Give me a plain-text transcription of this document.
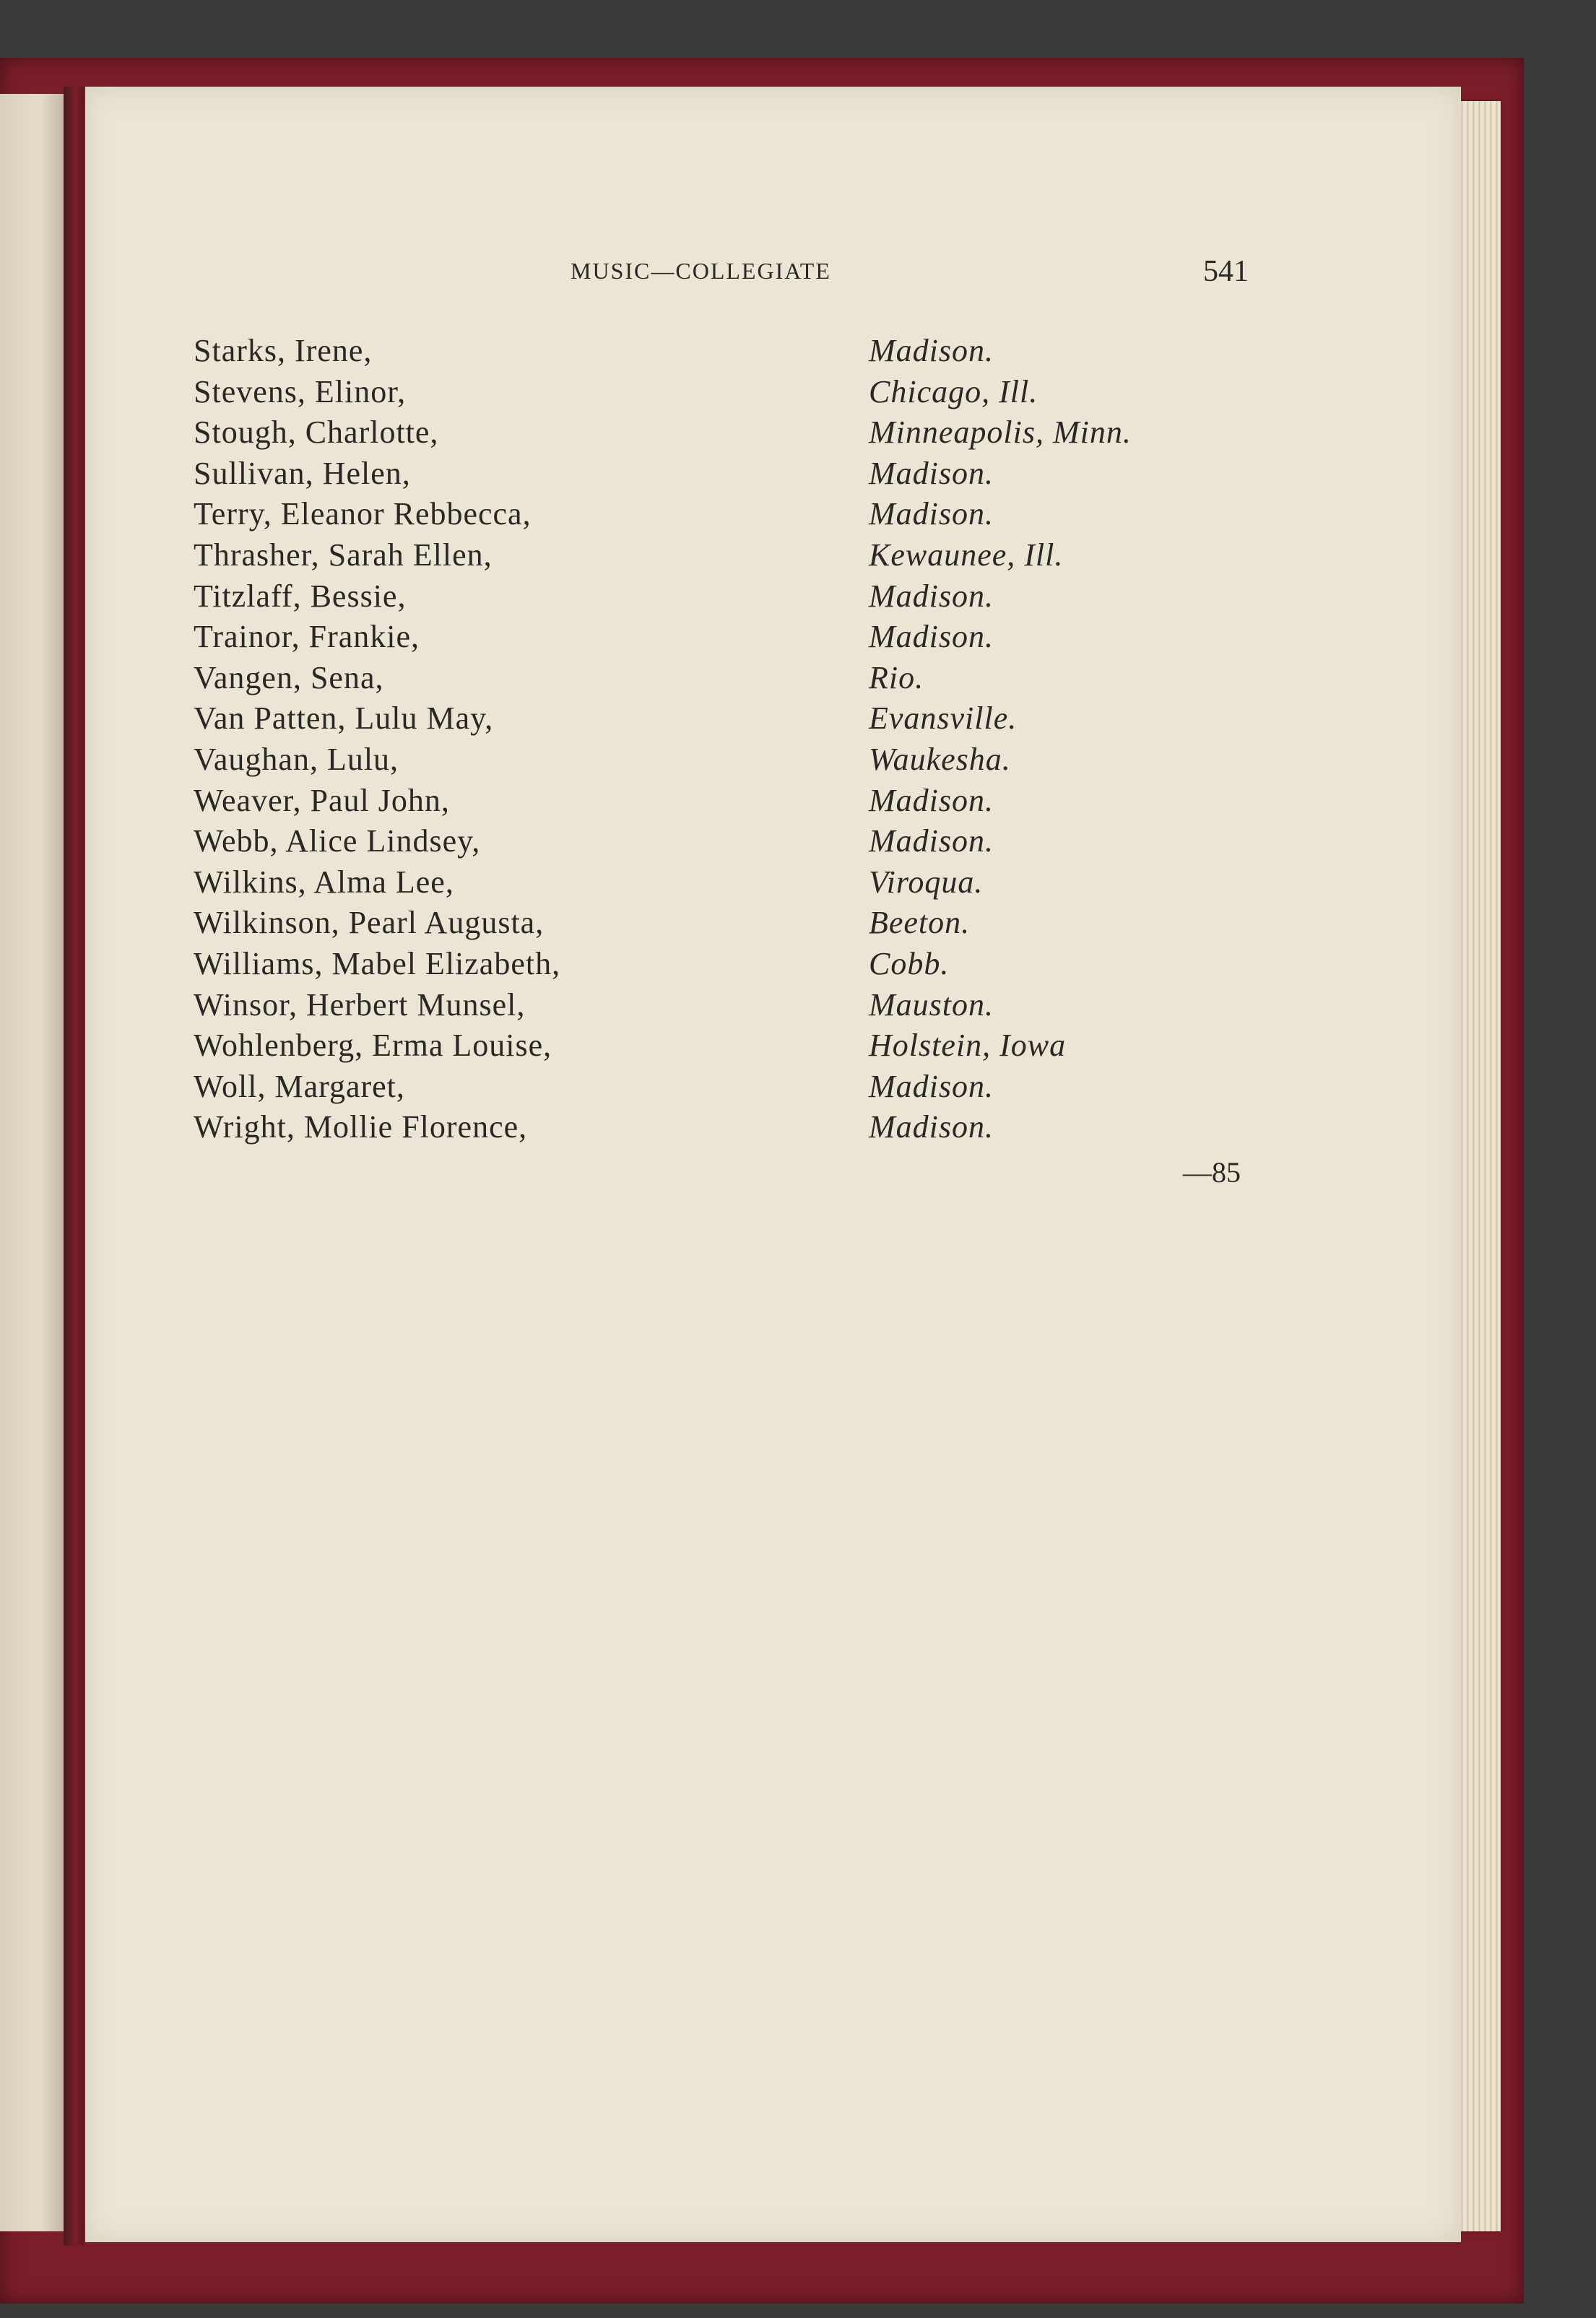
MUSIC—COLLEGIATE	541
Starks, Irene,	Madison.
Stevens, Elinor,	Chicago, Ill.
Stough, Charlotte,	Minneapolis, Minn.
Sullivan, Helen,	Madison.
Terry, Eleanor Rebbecca,	Madison.
Thrasher, Sarah Ellen,	Kewaunee, Ill.
Titzlaff, Bessie,	Madison.
Trainor, Frankie,	Madison.
Vangen, Sena,	Rio.
Van Patten, Lulu May,	Evansville.
Vaughan, Lulu,	Waukesha.
Weaver, Paul John,	Madison.
Webb, Alice Lindsey,	Madison.
Wilkins, Alma Lee,	Viroqua.
Wilkinson, Pearl Augusta,	Beeton.
Williams, Mabel Elizabeth,	Cobb.
Winsor, Herbert Munsel,	Mauston.
Wohlenberg, Erma Louise,	Holstein, Iowa
Woll, Margaret,	Madison.
Wright, Mollie Florence,	Madison.
—85
